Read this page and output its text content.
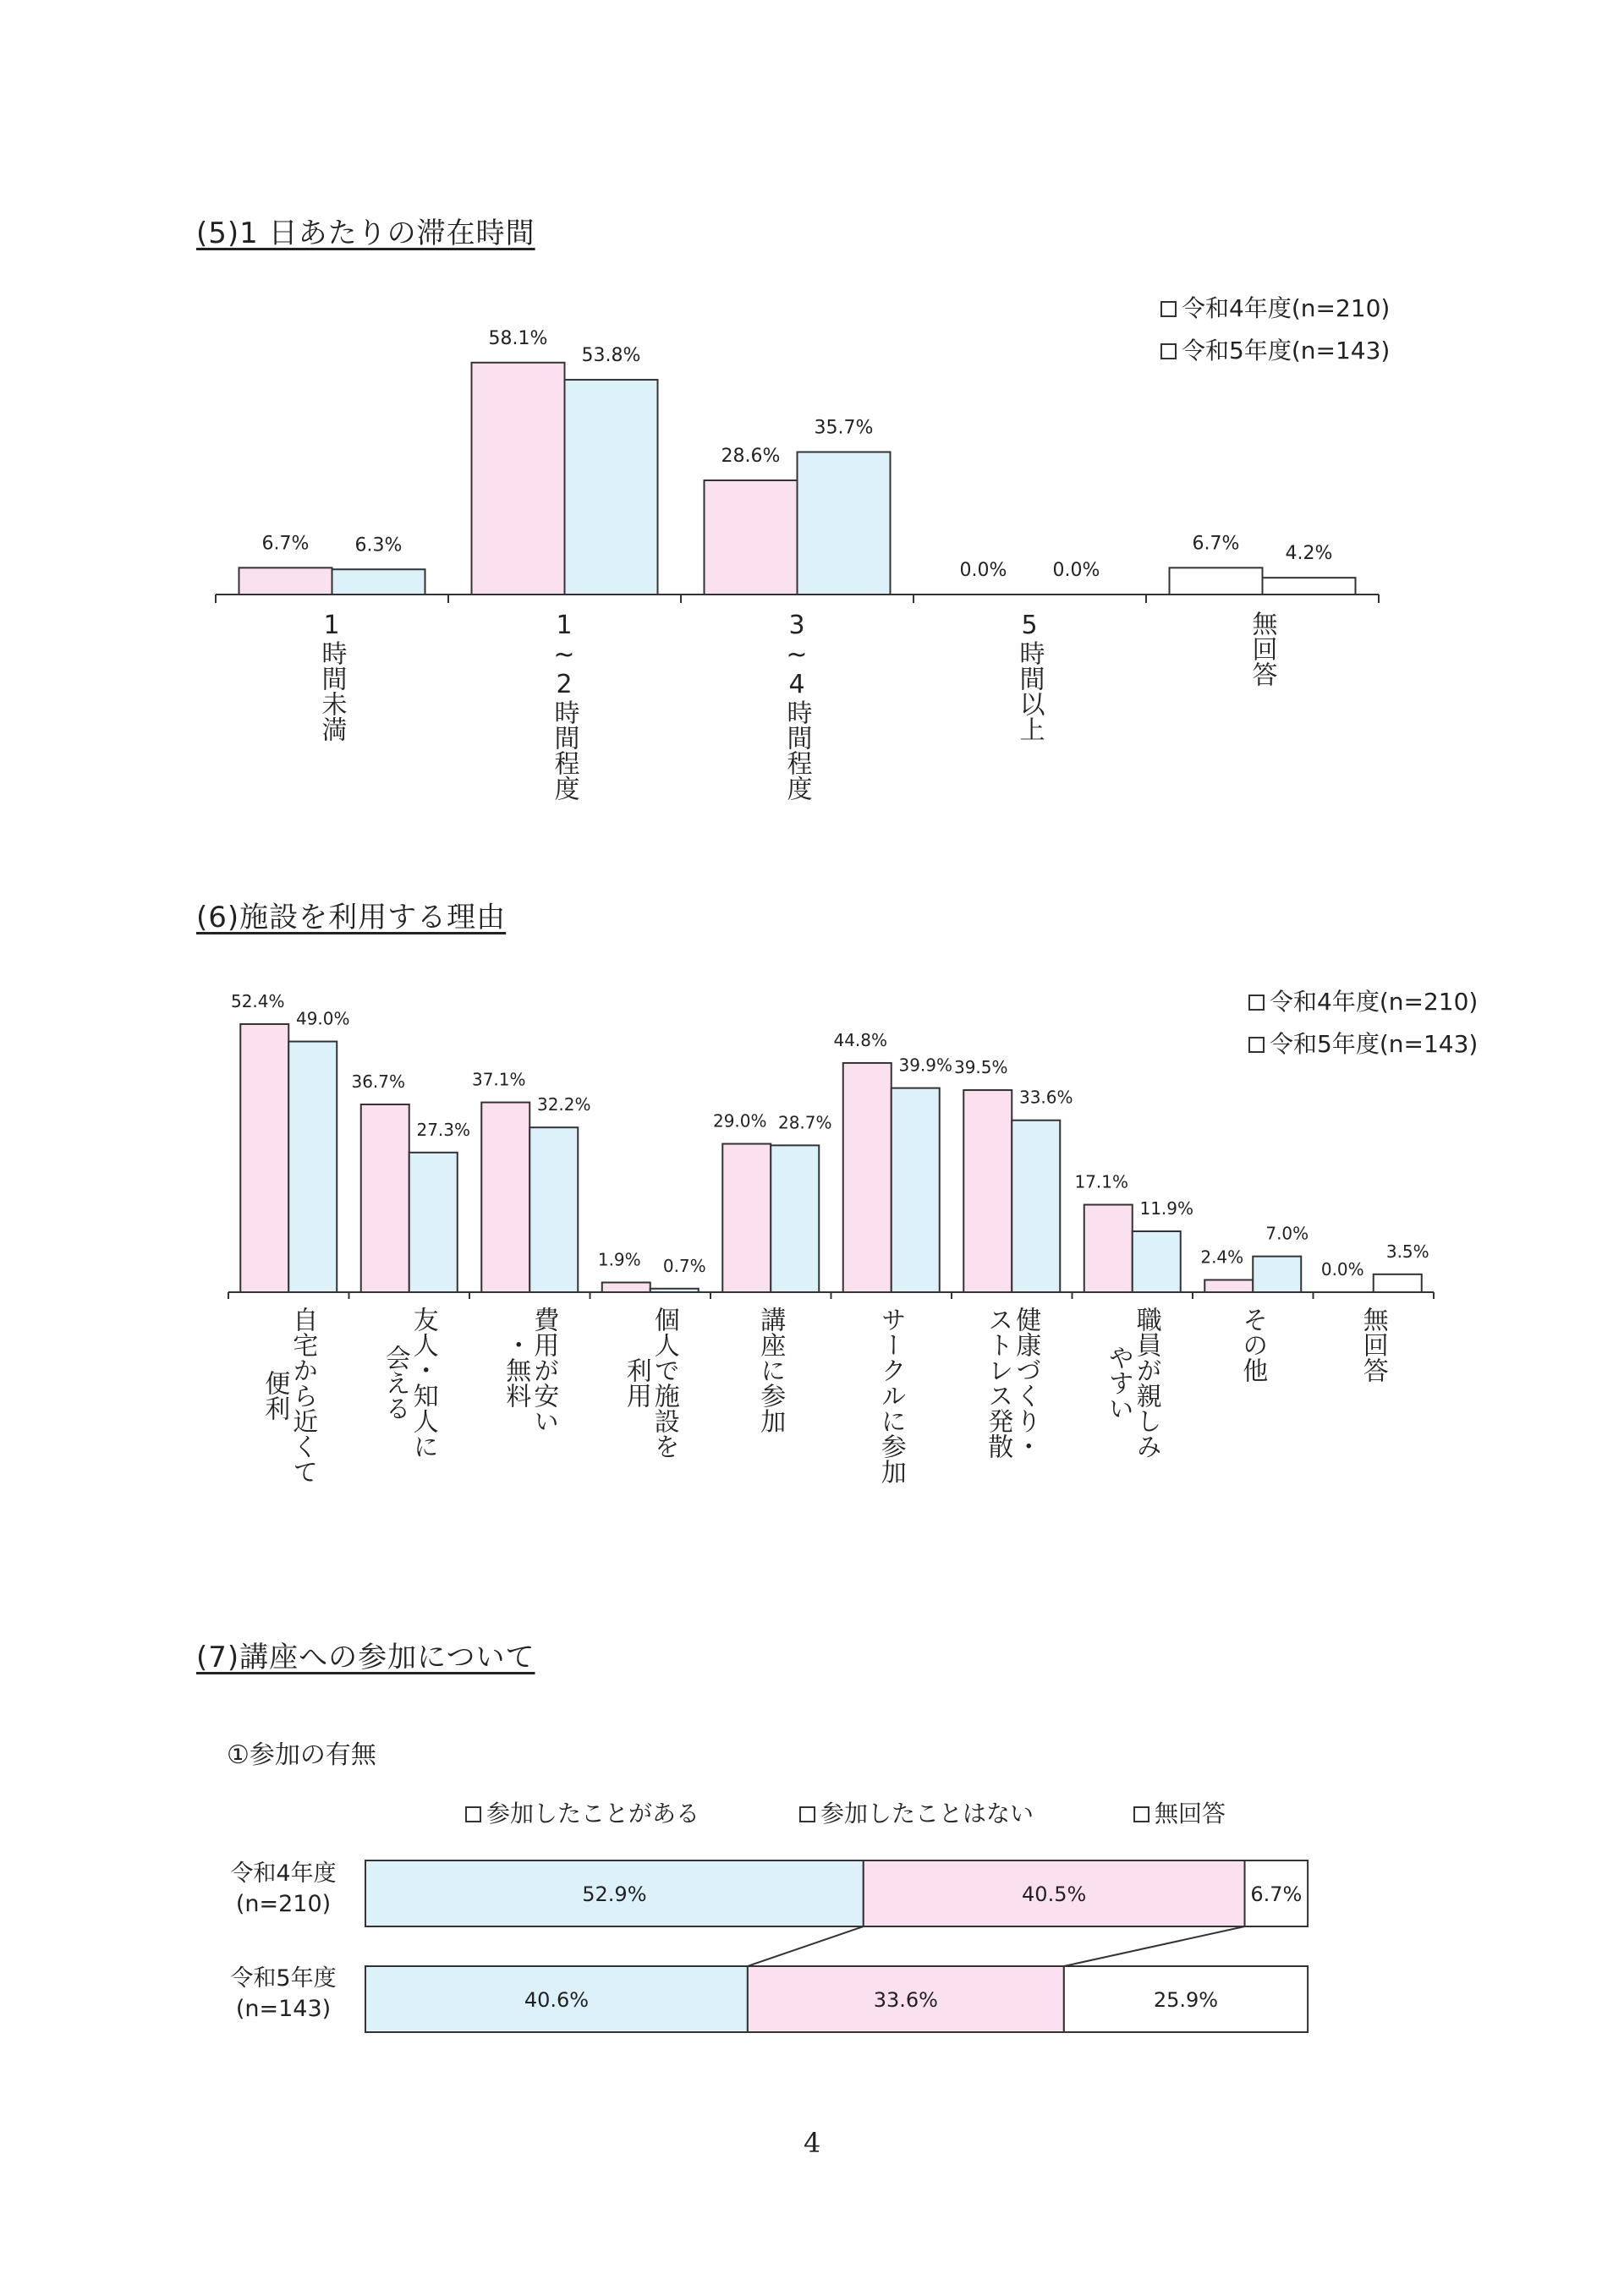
(5)1 日あたりの滞在時間
令和4年度(n=210)
令和5年度(n=143)
6.7% 6.3%
58.1%
53.8%
28.6%
35.7%
0.0% 0.0%
6.7% 4.2%
1時間未満	1~2時間程度	3~4時間程度	5時間以上	無回答
(6)施設を利用する理由
令和4年度(n=210)
令和5年度(n=143)
52.4%
49.0%
36.7%
27.3%
37.1%
32.2%
1.9% 0.7%
29.0% 28.7%
44.8%
39.9% 39.5%
33.6%
17.1%
11.9%
2.4%
7.0%
0.0%
3.5%
自宅から近くて
便利	友人・知人に
会える	費用が安い
・無料	個人で施設を
利用	講座に参加	サークルに参加	健康づくり・
ストレス発散	職員が親しみ
やすい	その他	無回答
(7)講座への参加について
①参加の有無
参加したことがある	参加したことはない	無回答
令和4年度
(n=210)
令和5年度
(n=143)
52.9%	40.5%	6.7%
40.6%	33.6%	25.9%
4
